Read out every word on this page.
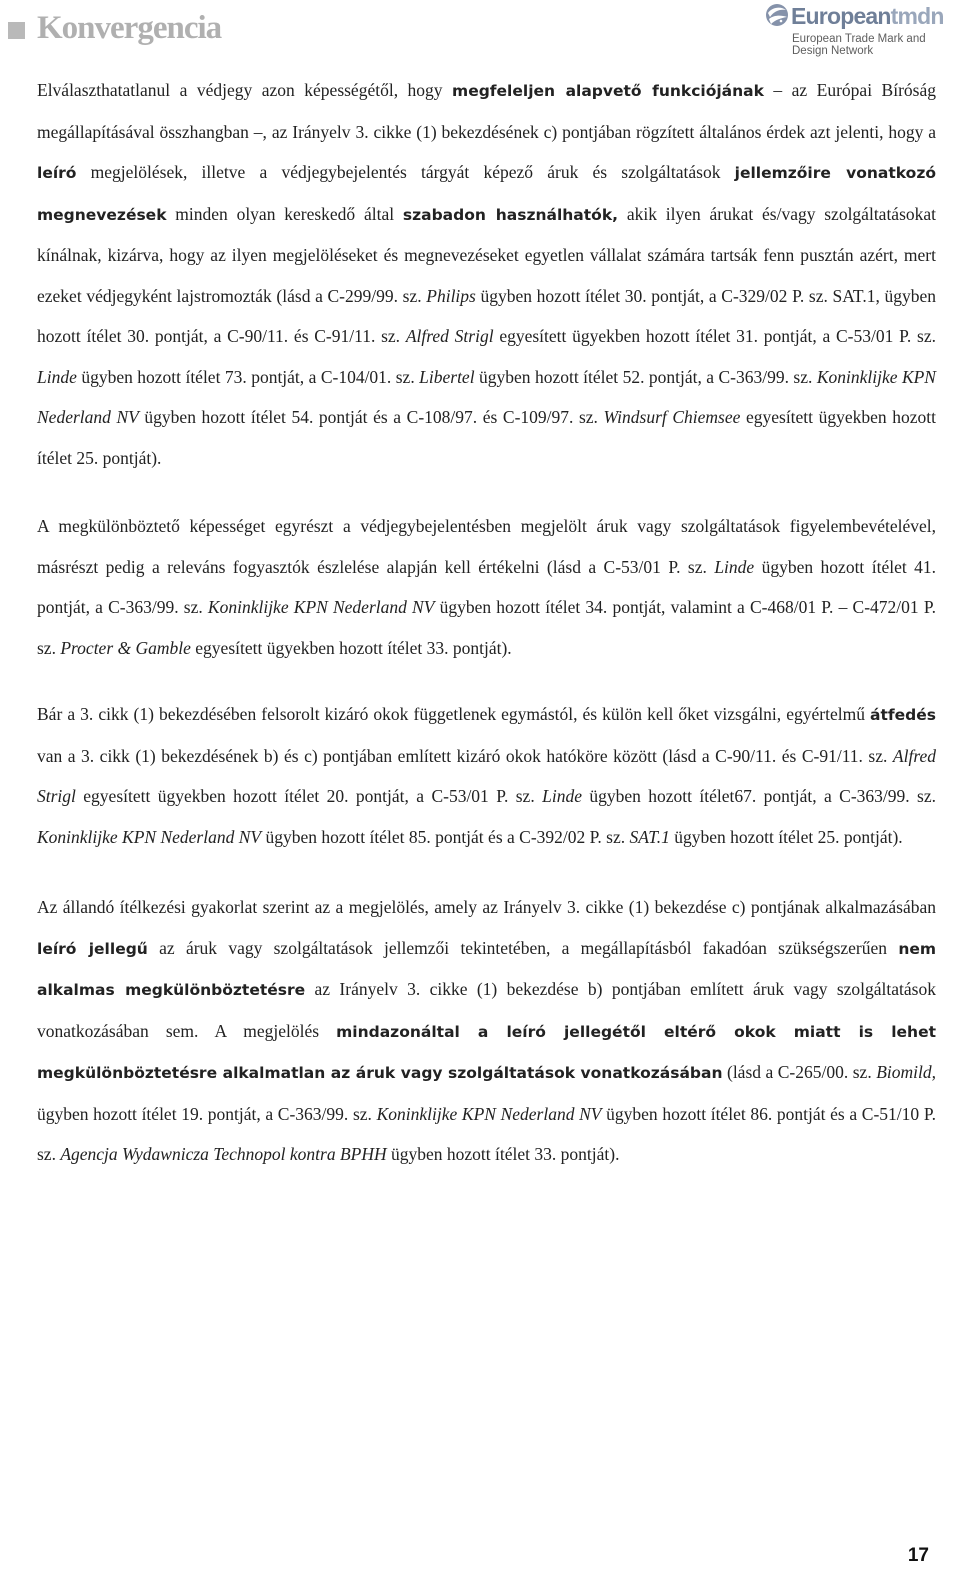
Konvergencia	Europeantmdn
European Trade Mark and
Design Network

Elválaszthatatlanul a védjegy azon képességétől, hogy megfeleljen alapvető funkciójának – az Európai Bíróság megállapításával összhangban –, az Irányelv 3. cikke (1) bekezdésének c) pontjában rögzített általános érdek azt jelenti, hogy a leíró megjelölések, illetve a védjegybejelentés tárgyát képező áruk és szolgáltatások jellemzőire vonatkozó megnevezések minden olyan kereskedő által szabadon használhatók, akik ilyen árukat és/vagy szolgáltatásokat kínálnak, kizárva, hogy az ilyen megjelöléseket és megnevezéseket egyetlen vállalat számára tartsák fenn pusztán azért, mert ezeket védjegyként lajstromozták (lásd a C-299/99. sz. Philips ügyben hozott ítélet 30. pontját, a C-329/02 P. sz. SAT.1, ügyben hozott ítélet 30. pontját, a C-90/11. és C-91/11. sz. Alfred Strigl egyesített ügyekben hozott ítélet 31. pontját, a C-53/01 P. sz. Linde ügyben hozott ítélet 73. pontját, a C-104/01. sz. Libertel ügyben hozott ítélet 52. pontját, a C-363/99. sz. Koninklijke KPN Nederland NV ügyben hozott ítélet 54. pontját és a C-108/97. és C-109/97. sz. Windsurf Chiemsee egyesített ügyekben hozott ítélet 25. pontját).

A megkülönböztető képességet egyrészt a védjegybejelentésben megjelölt áruk vagy szolgáltatások figyelembevételével, másrészt pedig a releváns fogyasztók észlelése alapján kell értékelni (lásd a C-53/01 P. sz. Linde ügyben hozott ítélet 41. pontját, a C-363/99. sz. Koninklijke KPN Nederland NV ügyben hozott ítélet 34. pontját, valamint a C-468/01 P. – C-472/01 P. sz. Procter & Gamble egyesített ügyekben hozott ítélet 33. pontját).

Bár a 3. cikk (1) bekezdésében felsorolt kizáró okok függetlenek egymástól, és külön kell őket vizsgálni, egyértelmű átfedés van a 3. cikk (1) bekezdésének b) és c) pontjában említett kizáró okok hatóköre között (lásd a C-90/11. és C-91/11. sz. Alfred Strigl egyesített ügyekben hozott ítélet 20. pontját, a C-53/01 P. sz. Linde ügyben hozott ítélet67. pontját, a C-363/99. sz. Koninklijke KPN Nederland NV ügyben hozott ítélet 85. pontját és a C-392/02 P. sz. SAT.1 ügyben hozott ítélet 25. pontját).

Az állandó ítélkezési gyakorlat szerint az a megjelölés, amely az Irányelv 3. cikke (1) bekezdése c) pontjának alkalmazásában leíró jellegű az áruk vagy szolgáltatások jellemzői tekintetében, a megállapításból fakadóan szükségszerűen nem alkalmas megkülönböztetésre az Irányelv 3. cikke (1) bekezdése b) pontjában említett áruk vagy szolgáltatások vonatkozásában sem. A megjelölés mindazonáltal a leíró jellegétől eltérő okok miatt is lehet megkülönböztetésre alkalmatlan az áruk vagy szolgáltatások vonatkozásában (lásd a C-265/00. sz. Biomild, ügyben hozott ítélet 19. pontját, a C-363/99. sz. Koninklijke KPN Nederland NV ügyben hozott ítélet 86. pontját és a C-51/10 P. sz. Agencja Wydawnicza Technopol kontra BPHH ügyben hozott ítélet 33. pontját).

17
